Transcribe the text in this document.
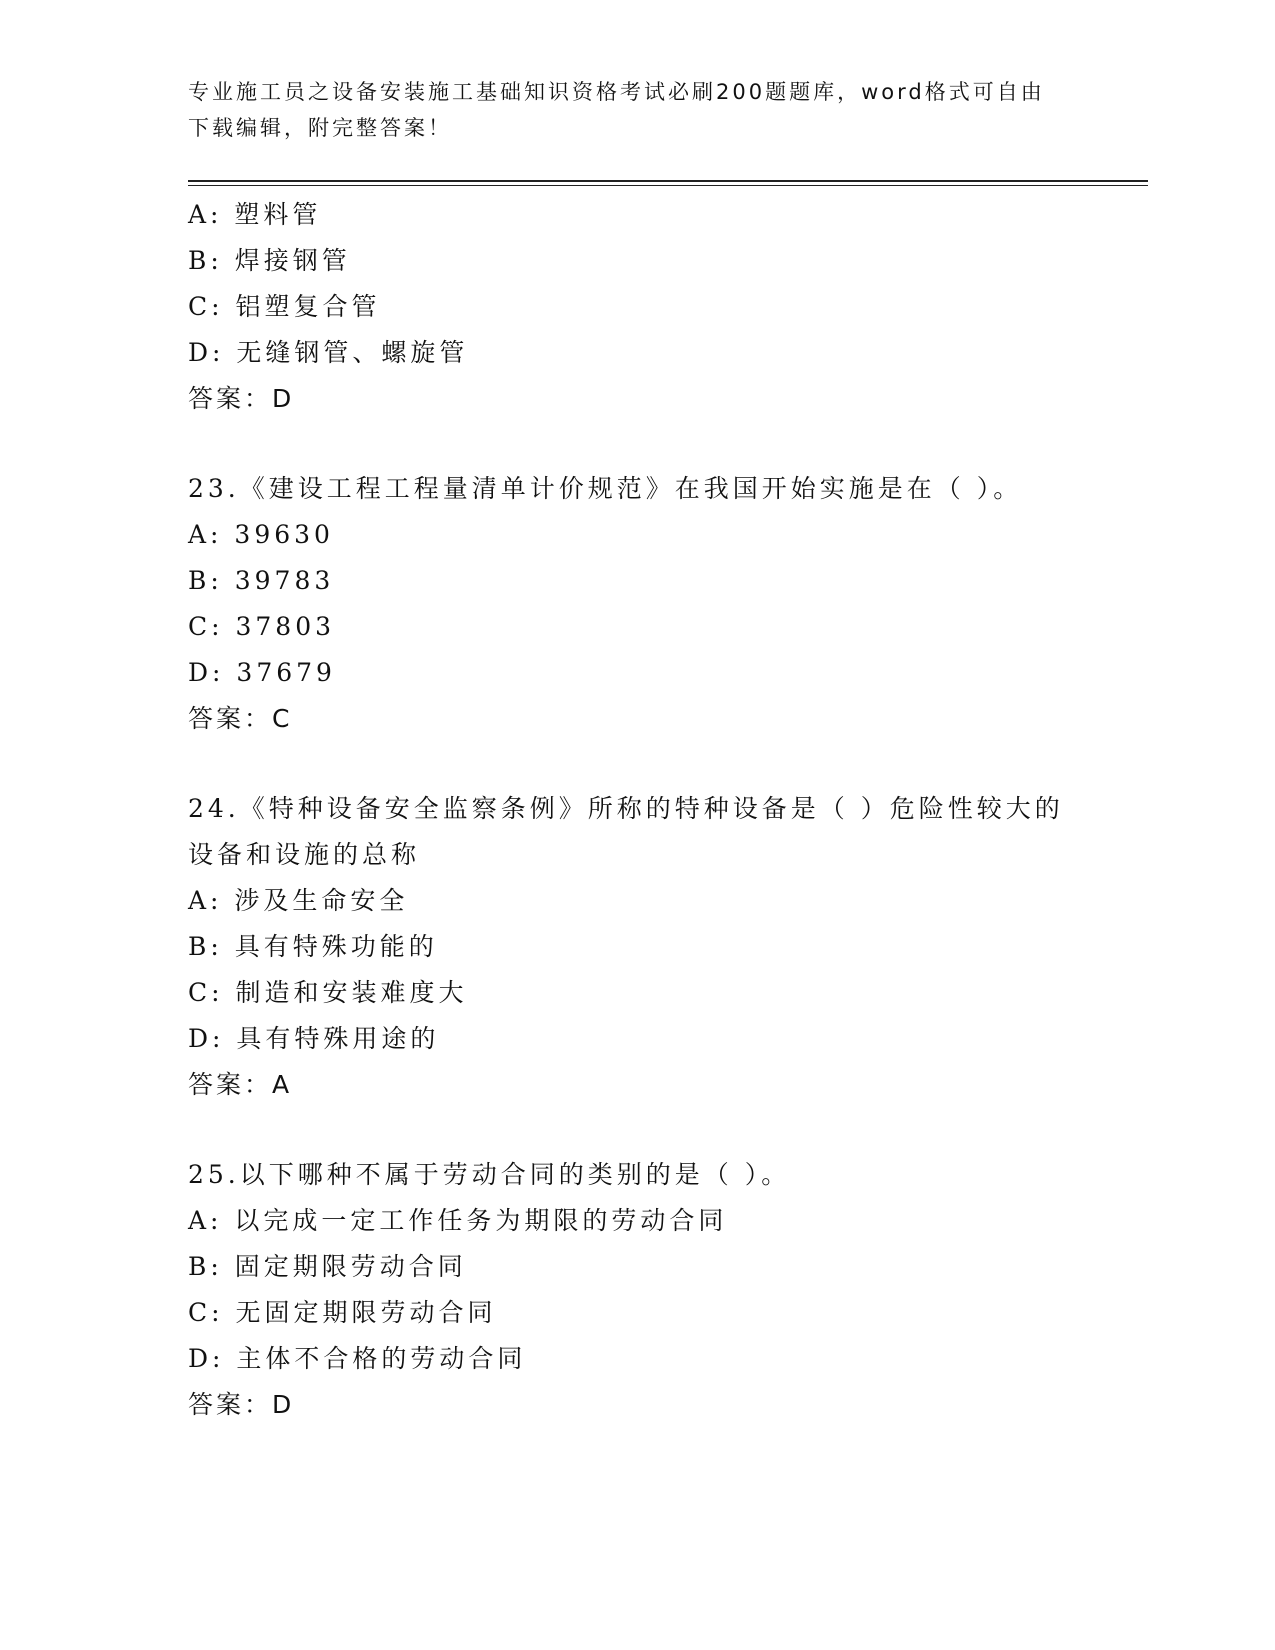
专业施工员之设备安装施工基础知识资格考试必刷200题题库，word格式可自由下载编辑，附完整答案！

A: 塑料管
B: 焊接钢管
C: 铝塑复合管
D: 无缝钢管、螺旋管
答案：D
23.《建设工程工程量清单计价规范》在我国开始实施是在（ ）。
A: 39630
B: 39783
C: 37803
D: 37679
答案：C
24.《特种设备安全监察条例》所称的特种设备是（ ）危险性较大的设备和设施的总称
A: 涉及生命安全
B: 具有特殊功能的
C: 制造和安装难度大
D: 具有特殊用途的
答案：A
25.以下哪种不属于劳动合同的类别的是（ ）。
A: 以完成一定工作任务为期限的劳动合同
B: 固定期限劳动合同
C: 无固定期限劳动合同
D: 主体不合格的劳动合同
答案：D
